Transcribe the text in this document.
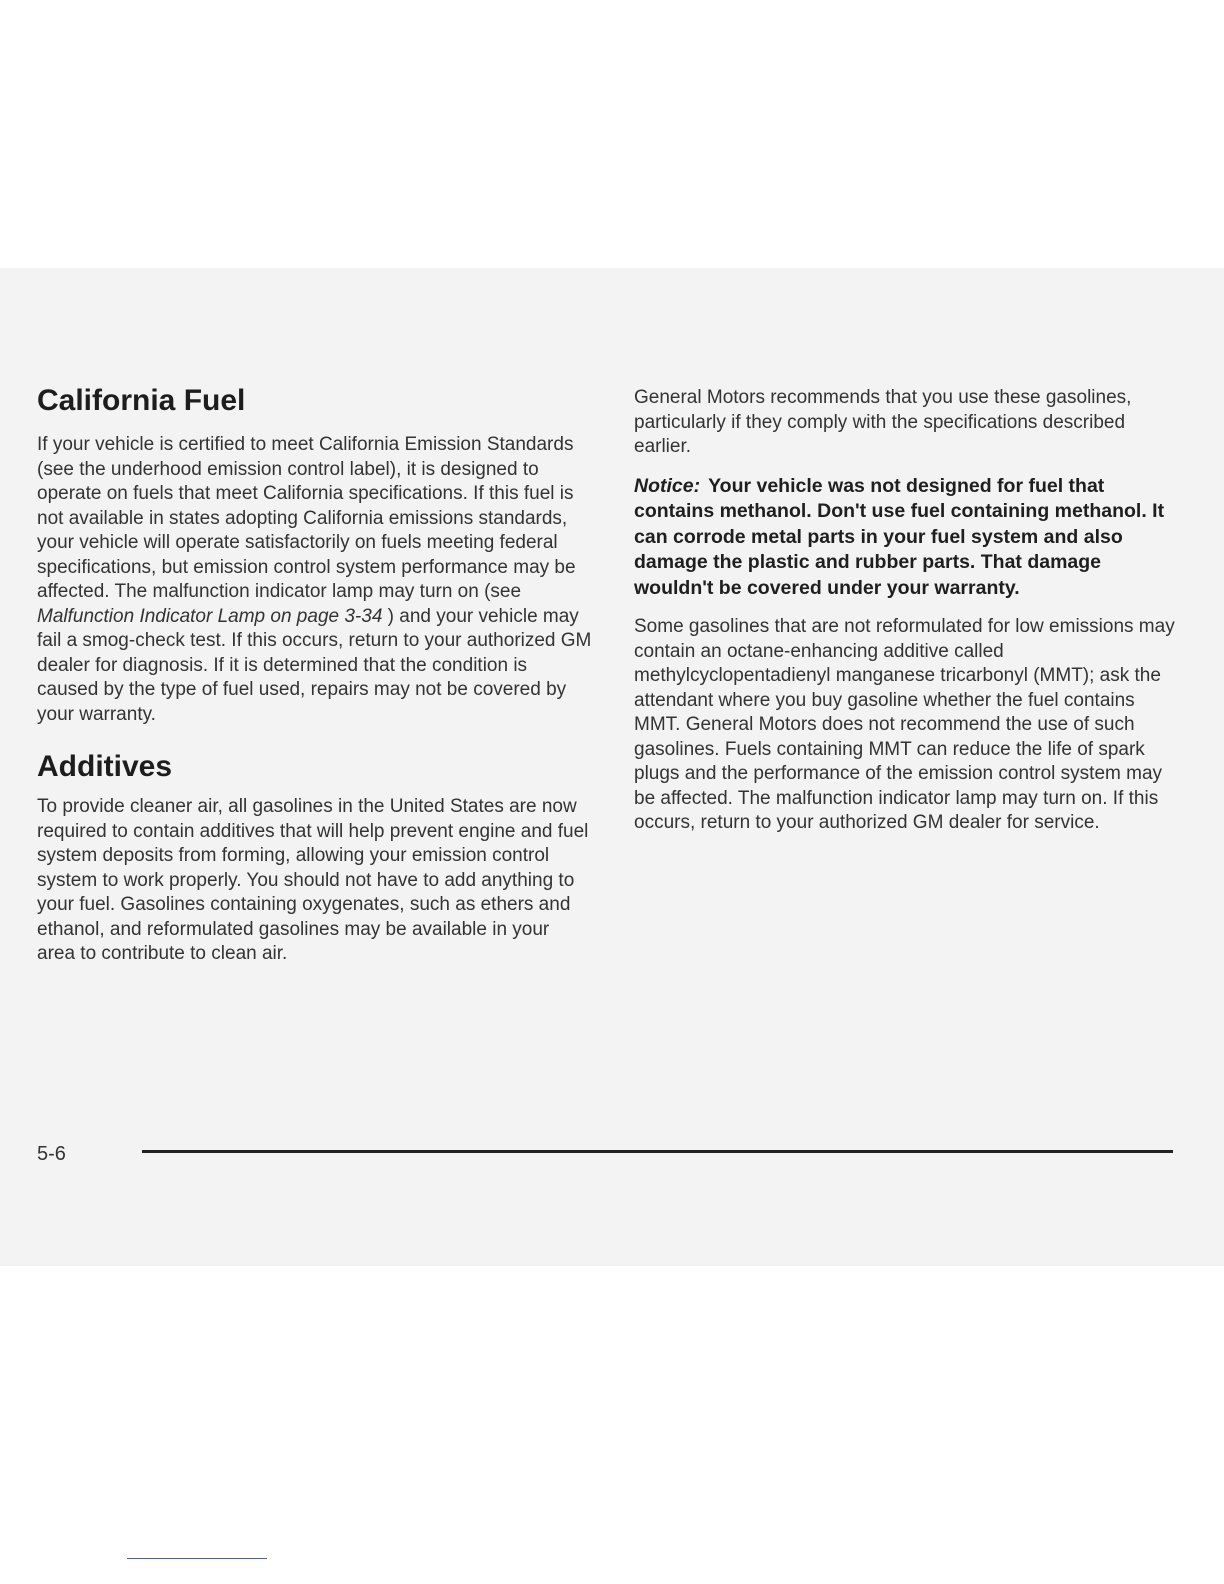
California Fuel

If your vehicle is certified to meet California Emission Standards (see the underhood emission control label), it is designed to operate on fuels that meet California specifications. If this fuel is not available in states adopting California emissions standards, your vehicle will operate satisfactorily on fuels meeting federal specifications, but emission control system performance may be affected. The malfunction indicator lamp may turn on (see Malfunction Indicator Lamp on page 3-34 ) and your vehicle may fail a smog-check test. If this occurs, return to your authorized GM dealer for diagnosis. If it is determined that the condition is caused by the type of fuel used, repairs may not be covered by your warranty.

Additives

To provide cleaner air, all gasolines in the United States are now required to contain additives that will help prevent engine and fuel system deposits from forming, allowing your emission control system to work properly. You should not have to add anything to your fuel. Gasolines containing oxygenates, such as ethers and ethanol, and reformulated gasolines may be available in your area to contribute to clean air.

General Motors recommends that you use these gasolines, particularly if they comply with the specifications described earlier.

Notice: Your vehicle was not designed for fuel that contains methanol. Don't use fuel containing methanol. It can corrode metal parts in your fuel system and also damage the plastic and rubber parts. That damage wouldn't be covered under your warranty.

Some gasolines that are not reformulated for low emissions may contain an octane-enhancing additive called methylcyclopentadienyl manganese tricarbonyl (MMT); ask the attendant where you buy gasoline whether the fuel contains MMT. General Motors does not recommend the use of such gasolines. Fuels containing MMT can reduce the life of spark plugs and the performance of the emission control system may be affected. The malfunction indicator lamp may turn on. If this occurs, return to your authorized GM dealer for service.

5-6
